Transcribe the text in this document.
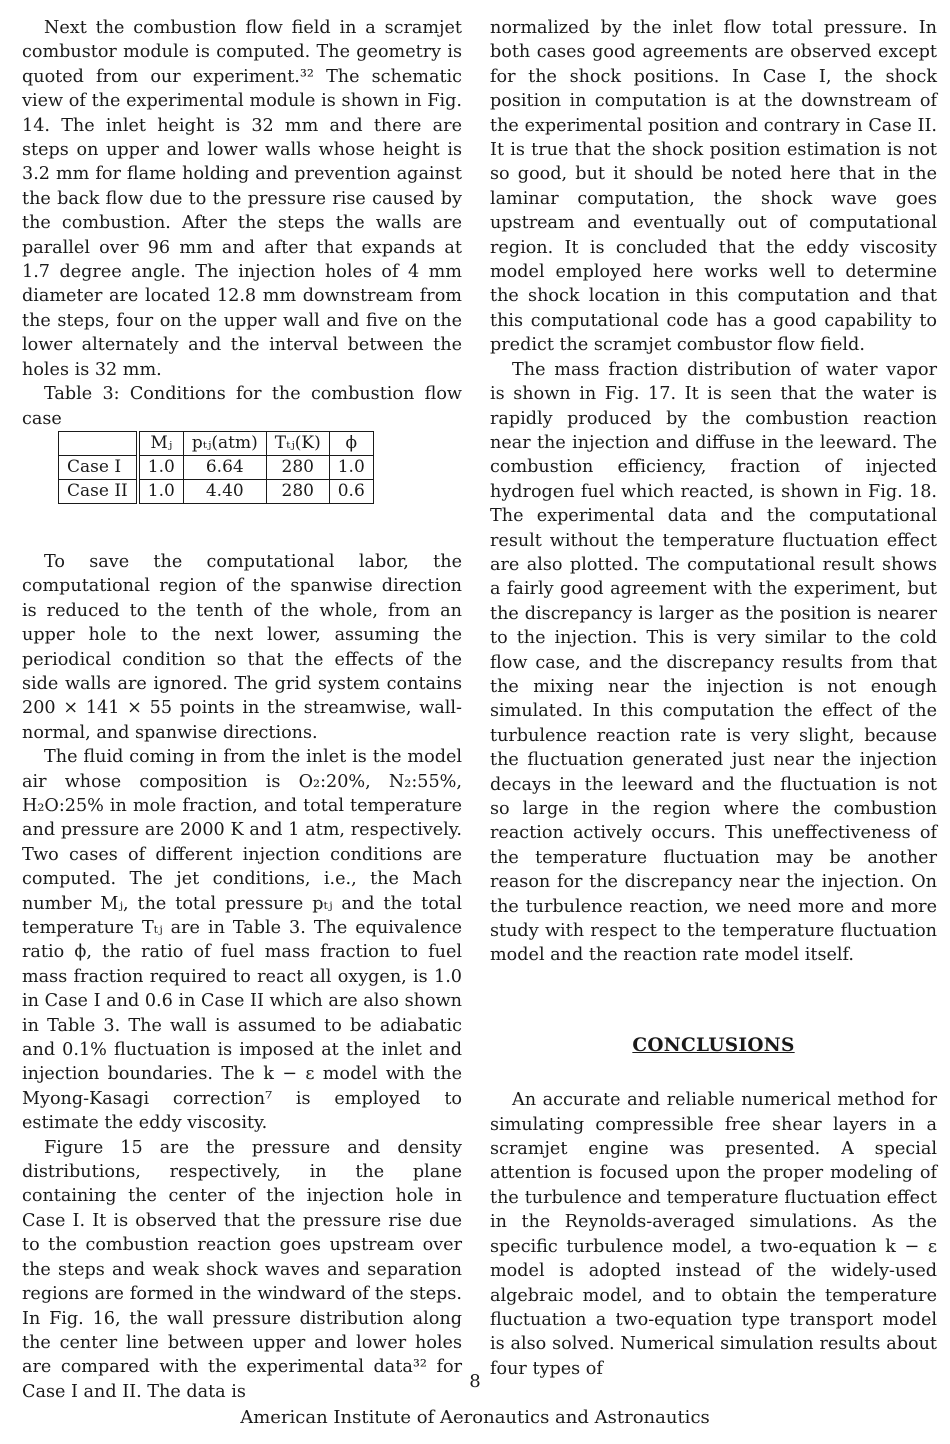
Next the combustion flow field in a scramjet combustor module is computed. The geometry is quoted from our experiment.³² The schematic view of the experimental module is shown in Fig. 14. The inlet height is 32 mm and there are steps on upper and lower walls whose height is 3.2 mm for flame holding and prevention against the back flow due to the pressure rise caused by the combustion. After the steps the walls are parallel over 96 mm and after that expands at 1.7 degree angle. The injection holes of 4 mm diameter are located 12.8 mm downstream from the steps, four on the upper wall and five on the lower alternately and the interval between the holes is 32 mm.

Table 3: Conditions for the combustion flow case

	Mⱼ	pₜⱼ(atm)	Tₜⱼ(K)	ϕ
Case I	1.0	6.64	280	1.0
Case II	1.0	4.40	280	0.6

To save the computational labor, the computational region of the spanwise direction is reduced to the tenth of the whole, from an upper hole to the next lower, assuming the periodical condition so that the effects of the side walls are ignored. The grid system contains 200 × 141 × 55 points in the streamwise, wall-normal, and spanwise directions.

The fluid coming in from the inlet is the model air whose composition is O₂:20%, N₂:55%, H₂O:25% in mole fraction, and total temperature and pressure are 2000 K and 1 atm, respectively. Two cases of different injection conditions are computed. The jet conditions, i.e., the Mach number Mⱼ, the total pressure pₜⱼ and the total temperature Tₜⱼ are in Table 3. The equivalence ratio ϕ, the ratio of fuel mass fraction to fuel mass fraction required to react all oxygen, is 1.0 in Case I and 0.6 in Case II which are also shown in Table 3. The wall is assumed to be adiabatic and 0.1% fluctuation is imposed at the inlet and injection boundaries. The k − ε model with the Myong-Kasagi correction⁷ is employed to estimate the eddy viscosity.

Figure 15 are the pressure and density distributions, respectively, in the plane containing the center of the injection hole in Case I. It is observed that the pressure rise due to the combustion reaction goes upstream over the steps and weak shock waves and separation regions are formed in the windward of the steps. In Fig. 16, the wall pressure distribution along the center line between upper and lower holes are compared with the experimental data³² for Case I and II. The data is

normalized by the inlet flow total pressure. In both cases good agreements are observed except for the shock positions. In Case I, the shock position in computation is at the downstream of the experimental position and contrary in Case II. It is true that the shock position estimation is not so good, but it should be noted here that in the laminar computation, the shock wave goes upstream and eventually out of computational region. It is concluded that the eddy viscosity model employed here works well to determine the shock location in this computation and that this computational code has a good capability to predict the scramjet combustor flow field.

The mass fraction distribution of water vapor is shown in Fig. 17. It is seen that the water is rapidly produced by the combustion reaction near the injection and diffuse in the leeward. The combustion efficiency, fraction of injected hydrogen fuel which reacted, is shown in Fig. 18. The experimental data and the computational result without the temperature fluctuation effect are also plotted. The computational result shows a fairly good agreement with the experiment, but the discrepancy is larger as the position is nearer to the injection. This is very similar to the cold flow case, and the discrepancy results from that the mixing near the injection is not enough simulated. In this computation the effect of the turbulence reaction rate is very slight, because the fluctuation generated just near the injection decays in the leeward and the fluctuation is not so large in the region where the combustion reaction actively occurs. This uneffectiveness of the temperature fluctuation may be another reason for the discrepancy near the injection. On the turbulence reaction, we need more and more study with respect to the temperature fluctuation model and the reaction rate model itself.

CONCLUSIONS

An accurate and reliable numerical method for simulating compressible free shear layers in a scramjet engine was presented. A special attention is focused upon the proper modeling of the turbulence and temperature fluctuation effect in the Reynolds-averaged simulations. As the specific turbulence model, a two-equation k − ε model is adopted instead of the widely-used algebraic model, and to obtain the temperature fluctuation a two-equation type transport model is also solved. Numerical simulation results about four types of

8
American Institute of Aeronautics and Astronautics
